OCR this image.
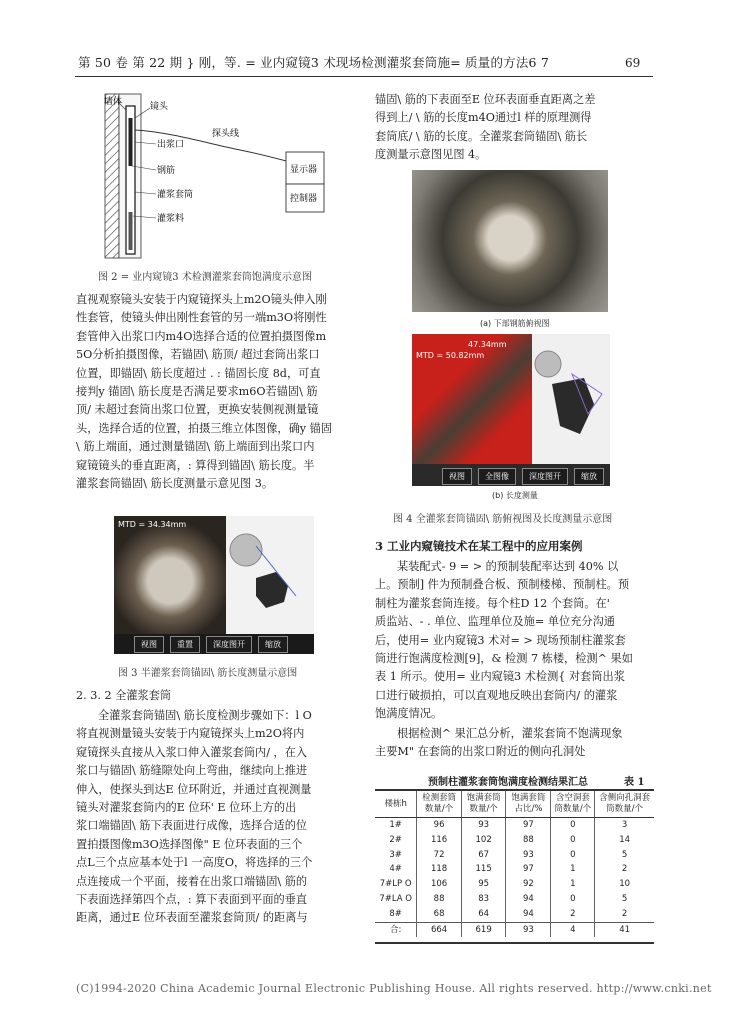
第 50 卷 第 22 期 } 刚，等. = 业内窥镜3 术现场检测灌浆套筒施= 质量的方法6 7	69
墙体	镜头
探头线
出浆口
钢筋
灌浆套筒
灌浆料
显示器
控制器
图 2 = 业内窥镜3 术检测灌浆套筒饱满度示意图
直视观察镜头安装于内窥镜探头上m2O镜头伸入刚
性套管，使镜头伸出刚性套管的另一端m3O将刚性
套管伸入出浆口内m4O选择合适的位置拍摄图像m
5O分析拍摄图像，若锚固\ 筋顶/ 超过套筒出浆口
位置，即锚固\ 筋长度超过 . : 锚固长度 8d，可直
接判y 锚固\ 筋长度是否满足要求m6O若锚固\ 筋
顶/ 未超过套筒出浆口位置，更换安装侧视测量镜
头，选择合适的位置，拍摄三维立体图像，确y 锚固
\ 筋上端面，通过测量锚固\ 筋上端面到出浆口内
窥镜镜头的垂直距离，: 算得到锚固\ 筋长度。半
灌浆套筒锚固\ 筋长度测量示意见图 3。
MTD = 34.34mm
视图	重置	深度图开	缩放
图 3 半灌浆套筒锚固\ 筋长度测量示意图
2. 3. 2 全灌浆套筒
全灌浆套筒锚固\ 筋长度检测步骤如下：l O
将直视测量镜头安装于内窥镜探头上m2O将内
窥镜探头直接从入浆口伸入灌浆套筒内/ ，在入
浆口与锚固\ 筋缝隙处向上弯曲，继续向上推进
伸入，使探头到达E 位环附近，并通过直视测量
镜头对灌浆套筒内的E 位环' E 位环上方的出
浆口端锚固\ 筋下表面进行成像，选择合适的位
置拍摄图像m3O选择图像" E 位环表面的三个
点L三个点应基本处于l 一高度O，将选择的三个
点连接成一个平面，接着在出浆口端锚固\ 筋的
下表面选择第四个点，: 算下表面到平面的垂直
距离，通过E 位环表面至灌浆套筒顶/ 的距离与
锚固\ 筋的下表面至E 位环表面垂直距离之差
得到上/ \ 筋的长度m4O通过l 样的原理测得
套筒底/ \ 筋的长度。全灌浆套筒锚固\ 筋长
度测量示意图见图 4。
(a) 下部钢筋俯视图
MTD = 50.82mm
47.34mm
视图	全图像	深度图开	缩放
(b) 长度测量
图 4 全灌浆套筒锚固\ 筋俯视图及长度测量示意图
3 工业内窥镜技术在某工程中的应用案例
某装配式- 9 = > 的预制装配率达到 40% 以
上。预制] 件为预制叠合板、预制楼梯、预制柱。预
制柱为灌浆套筒连接。每个柱D 12 个套筒。在'
质监站、- . 单位、监理单位及施= 单位充分沟通
后，使用= 业内窥镜3 术对= > 现场预制柱灌浆套
筒进行饱满度检测[9]，& 检测 7 栋楼，检测^ 果如
表 1 所示。使用= 业内窥镜3 术检测{ 对套筒出浆
口进行破损拍，可以直观地反映出套筒内/ 的灌浆
饱满度情况。
根据检测^ 果汇总分析，灌浆套筒不饱满现象
主要M" 在套筒的出浆口附近的侧向孔洞处
预制柱灌浆套筒饱满度检测结果汇总	表 1
楼栋h	检测套筒数量/个	饱满套筒数量/个	饱满套筒占比/%	含空洞套筒数量/个	含侧向孔洞套筒数量/个
1#	96	93	97	0	3
2#	116	102	88	0	14
3#	72	67	93	0	5
4#	118	115	97	1	2
7#LP O	106	95	92	1	10
7#LA O	88	83	94	0	5
8#	68	64	94	2	2
合:	664	619	93	4	41
(C)1994-2020 China Academic Journal Electronic Publishing House. All rights reserved. http://www.cnki.net
